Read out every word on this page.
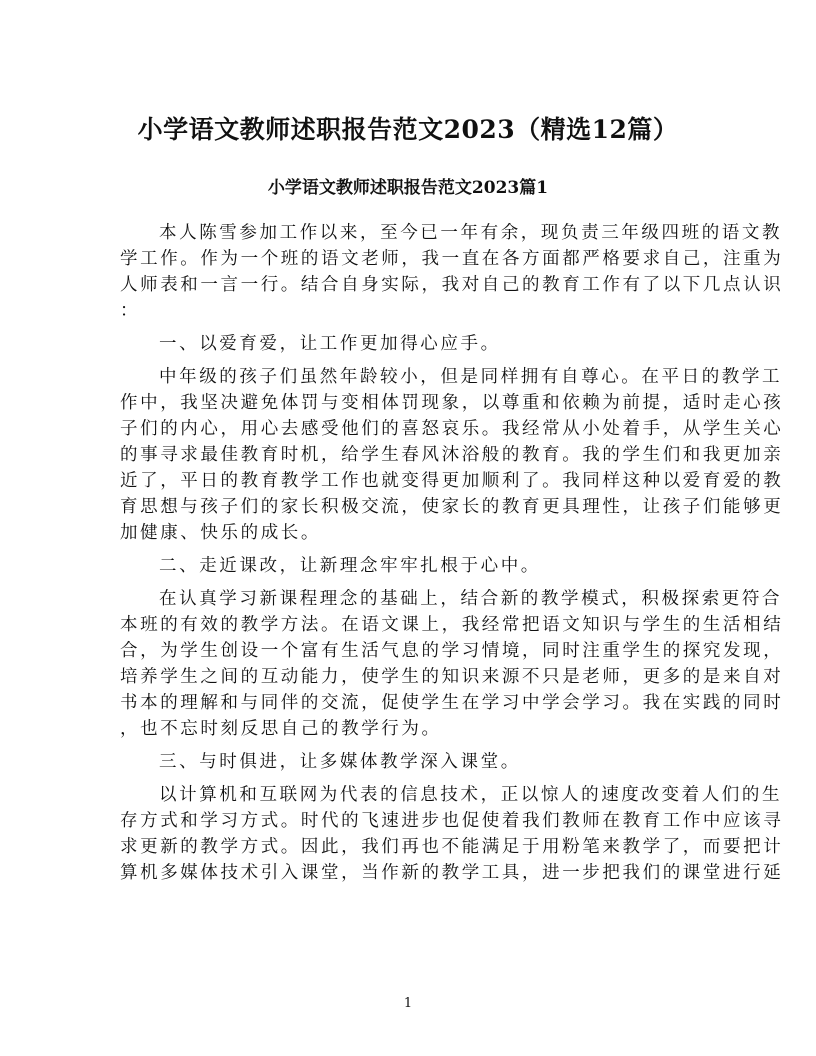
小学语文教师述职报告范文2023（精选12篇）
小学语文教师述职报告范文2023篇1
本人陈雪参加工作以来，至今已一年有余，现负责三年级四班的语文教
学工作。作为一个班的语文老师，我一直在各方面都严格要求自己，注重为
人师表和一言一行。结合自身实际，我对自己的教育工作有了以下几点认识
：
一、以爱育爱，让工作更加得心应手。
中年级的孩子们虽然年龄较小，但是同样拥有自尊心。在平日的教学工
作中，我坚决避免体罚与变相体罚现象，以尊重和依赖为前提，适时走心孩
子们的内心，用心去感受他们的喜怒哀乐。我经常从小处着手，从学生关心
的事寻求最佳教育时机，给学生春风沐浴般的教育。我的学生们和我更加亲
近了，平日的教育教学工作也就变得更加顺利了。我同样这种以爱育爱的教
育思想与孩子们的家长积极交流，使家长的教育更具理性，让孩子们能够更
加健康、快乐的成长。
二、走近课改，让新理念牢牢扎根于心中。
在认真学习新课程理念的基础上，结合新的教学模式，积极探索更符合
本班的有效的教学方法。在语文课上，我经常把语文知识与学生的生活相结
合，为学生创设一个富有生活气息的学习情境，同时注重学生的探究发现，
培养学生之间的互动能力，使学生的知识来源不只是老师，更多的是来自对
书本的理解和与同伴的交流，促使学生在学习中学会学习。我在实践的同时
，也不忘时刻反思自己的教学行为。
三、与时俱进，让多媒体教学深入课堂。
以计算机和互联网为代表的信息技术，正以惊人的速度改变着人们的生
存方式和学习方式。时代的飞速进步也促使着我们教师在教育工作中应该寻
求更新的教学方式。因此，我们再也不能满足于用粉笔来教学了，而要把计
算机多媒体技术引入课堂，当作新的教学工具，进一步把我们的课堂进行延
1
